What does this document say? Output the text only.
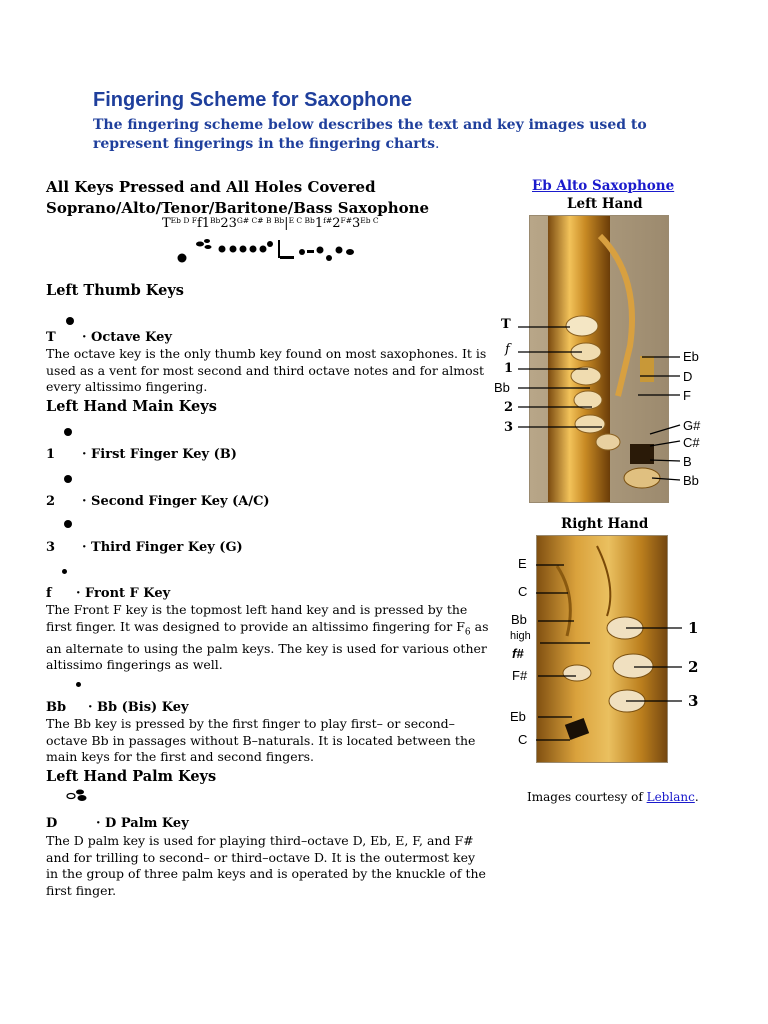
Fingering Scheme for Saxophone
The fingering scheme below describes the text and key images used to represent fingerings in the fingering charts.
All Keys Pressed and All Holes Covered
Soprano/Alto/Tenor/Baritone/Bass Saxophone
$T^{Eb D F}f1^{Bb}23^{G\# C\# B Bb}|^{E C Bb}1^{f\#}2^{F\#}3^{Eb C}$
Left Thumb Keys
T · Octave Key
The octave key is the only thumb key found on most saxophones. It is used as a vent for most second and third octave notes and for almost every altissimo fingering.
Left Hand Main Keys
1 · First Finger Key (B)
2 · Second Finger Key (A/C)
3 · Third Finger Key (G)
f · Front F Key
The Front F key is the topmost left hand key and is pressed by the first finger. It was designed to provide an altissimo fingering for $F_6$ as an alternate to using the palm keys. The key is used for various other altissimo fingerings as well.
Bb · Bb (Bis) Key
The Bb key is pressed by the first finger to play first– or second–octave Bb in passages without B–naturals. It is located between the main keys for the first and second fingers.
Left Hand Palm Keys
D	· D Palm Key
The D palm key is used for playing third–octave D, Eb, E, F, and F# and for trilling to second– or third–octave D. It is the outermost key in the group of three palm keys and is operated by the knuckle of the first finger.
Eb Alto Saxophone
Left Hand
T
f
1
Bb
2
3
Eb
D
F
G#
C#
B
Bb
Right Hand
E
C
Bb
high
f#
F#
Eb
C
1
2
3
Images courtesy of Leblanc.
